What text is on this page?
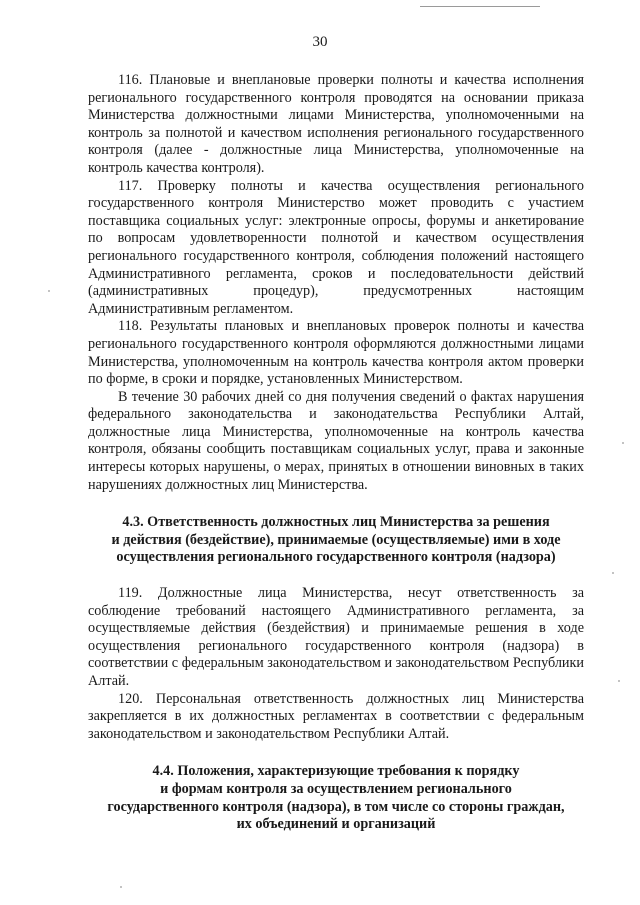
30

116. Плановые и внеплановые проверки полноты и качества исполнения регионального государственного контроля проводятся на основании приказа Министерства должностными лицами Министерства, уполномоченными на контроль за полнотой и качеством исполнения регионального государственного контроля (далее - должностные лица Министерства, уполномоченные на контроль качества контроля).

117. Проверку полноты и качества осуществления регионального государственного контроля Министерство может проводить с участием поставщика социальных услуг: электронные опросы, форумы и анкетирование по вопросам удовлетворенности полнотой и качеством осуществления регионального государственного контроля, соблюдения положений настоящего Административного регламента, сроков и последовательности действий (административных процедур), предусмотренных настоящим Административным регламентом.

118. Результаты плановых и внеплановых проверок полноты и качества регионального государственного контроля оформляются должностными лицами Министерства, уполномоченным на контроль качества контроля актом проверки по форме, в сроки и порядке, установленных Министерством.

В течение 30 рабочих дней со дня получения сведений о фактах нарушения федерального законодательства и законодательства Республики Алтай, должностные лица Министерства, уполномоченные на контроль качества контроля, обязаны сообщить поставщикам социальных услуг, права и законные интересы которых нарушены, о мерах, принятых в отношении виновных в таких нарушениях должностных лиц Министерства.

4.3. Ответственность должностных лиц Министерства за решения
и действия (бездействие), принимаемые (осуществляемые) ими в ходе
осуществления регионального государственного контроля (надзора)

119. Должностные лица Министерства, несут ответственность за соблюдение требований настоящего Административного регламента, за осуществляемые действия (бездействия) и принимаемые решения в ходе осуществления регионального государственного контроля (надзора) в соответствии с федеральным законодательством и законодательством Республики Алтай.

120. Персональная ответственность должностных лиц Министерства закрепляется в их должностных регламентах в соответствии с федеральным законодательством и законодательством Республики Алтай.

4.4. Положения, характеризующие требования к порядку
и формам контроля за осуществлением регионального
государственного контроля (надзора), в том числе со стороны граждан,
их объединений и организаций
